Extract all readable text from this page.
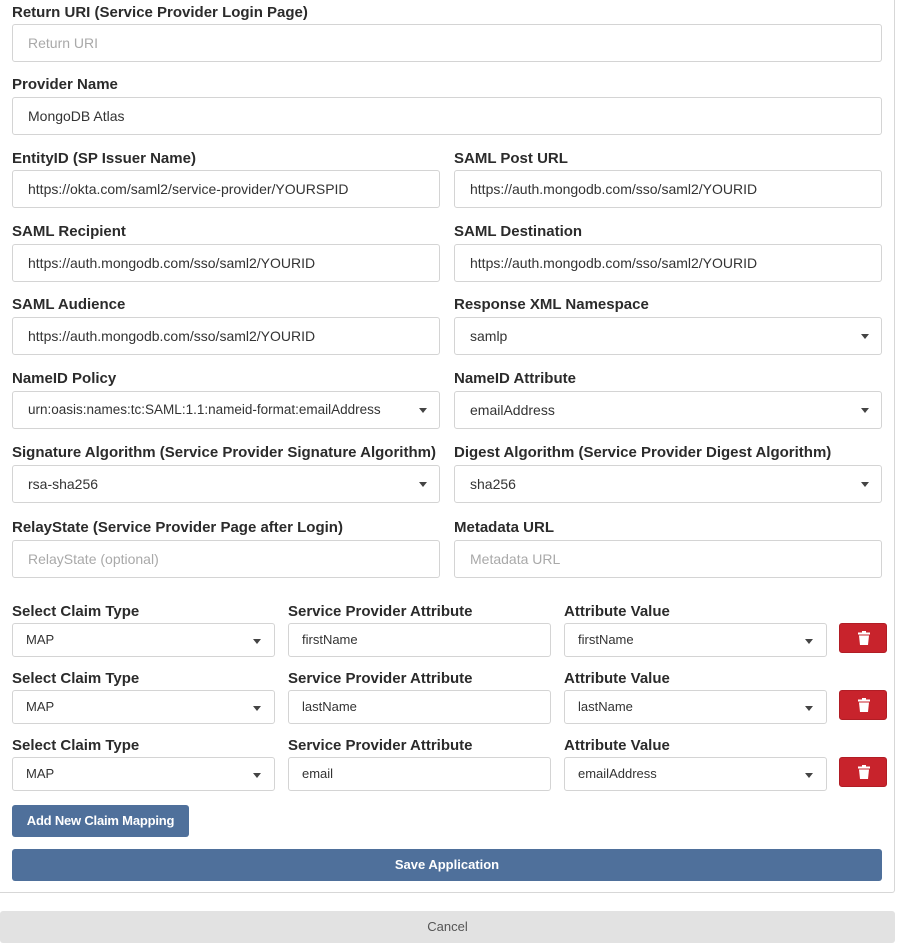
Return URI (Service Provider Login Page)
Return URI
Provider Name
MongoDB Atlas
EntityID (SP Issuer Name)
https://okta.com/saml2/service-provider/YOURSPID
SAML Post URL
https://auth.mongodb.com/sso/saml2/YOURID
SAML Recipient
https://auth.mongodb.com/sso/saml2/YOURID
SAML Destination
https://auth.mongodb.com/sso/saml2/YOURID
SAML Audience
https://auth.mongodb.com/sso/saml2/YOURID
Response XML Namespace
samlp
NameID Policy
urn:oasis:names:tc:SAML:1.1:nameid-format:emailAddress
NameID Attribute
emailAddress
Signature Algorithm (Service Provider Signature Algorithm)
rsa-sha256
Digest Algorithm (Service Provider Digest Algorithm)
sha256
RelayState (Service Provider Page after Login)
RelayState (optional)
Metadata URL
Metadata URL
Select Claim Type	Service Provider Attribute	Attribute Value
MAP	firstName	firstName
Select Claim Type	Service Provider Attribute	Attribute Value
MAP	lastName	lastName
Select Claim Type	Service Provider Attribute	Attribute Value
MAP	email	emailAddress
Add New Claim Mapping
Save Application
Cancel
